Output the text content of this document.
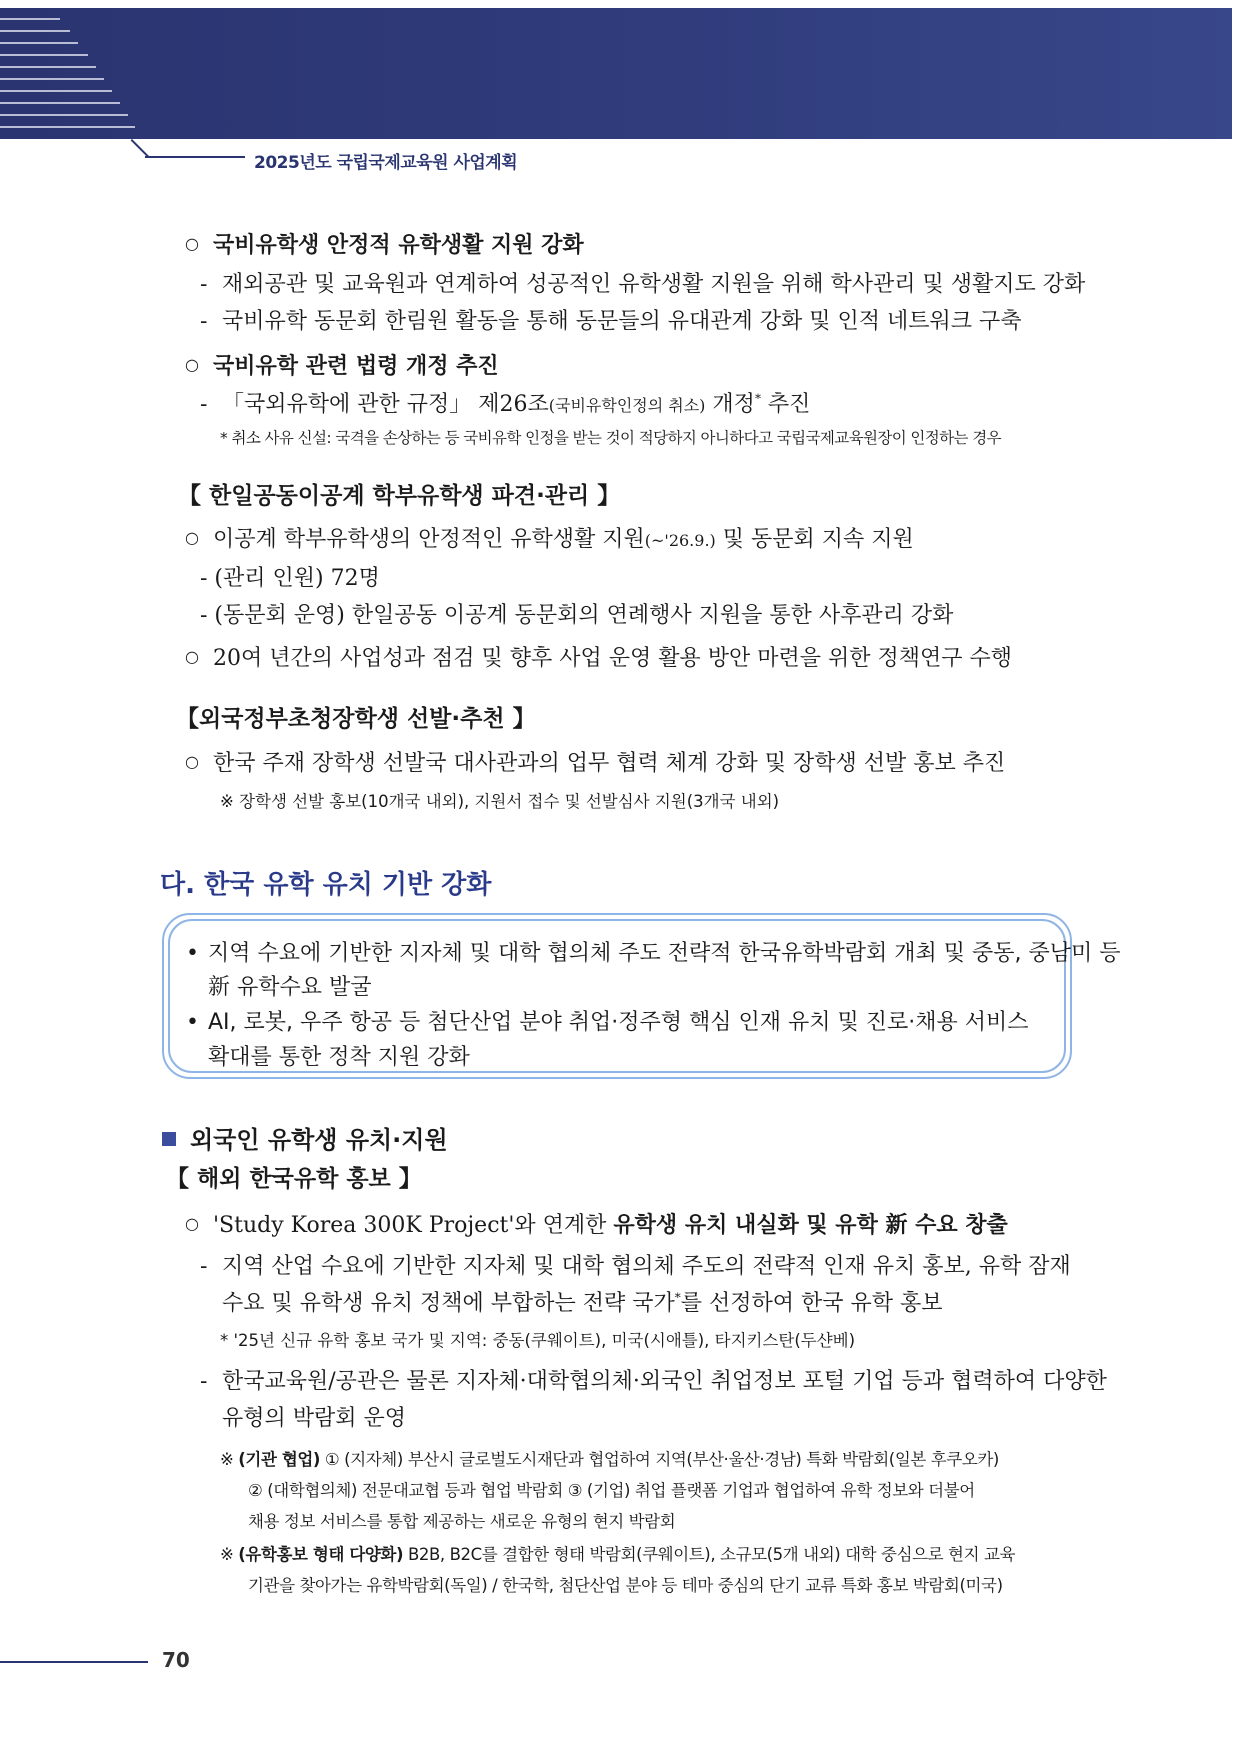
2025년도 국립국제교육원 사업계획
○ 국비유학생 안정적 유학생활 지원 강화
- 재외공관 및 교육원과 연계하여 성공적인 유학생활 지원을 위해 학사관리 및 생활지도 강화
- 국비유학 동문회 한림원 활동을 통해 동문들의 유대관계 강화 및 인적 네트워크 구축
○ 국비유학 관련 법령 개정 추진
- 「국외유학에 관한 규정」 제26조(국비유학인정의 취소) 개정* 추진
* 취소 사유 신설: 국격을 손상하는 등 국비유학 인정을 받는 것이 적당하지 아니하다고 국립국제교육원장이 인정하는 경우
【 한일공동이공계 학부유학생 파견·관리 】
○ 이공계 학부유학생의 안정적인 유학생활 지원(~'26.9.) 및 동문회 지속 지원
- (관리 인원) 72명
- (동문회 운영) 한일공동 이공계 동문회의 연례행사 지원을 통한 사후관리 강화
○ 20여 년간의 사업성과 점검 및 향후 사업 운영 활용 방안 마련을 위한 정책연구 수행
【외국정부초청장학생 선발·추천 】
○ 한국 주재 장학생 선발국 대사관과의 업무 협력 체계 강화 및 장학생 선발 홍보 추진
※ 장학생 선발 홍보(10개국 내외), 지원서 접수 및 선발심사 지원(3개국 내외)
다. 한국 유학 유치 기반 강화
• 지역 수요에 기반한 지자체 및 대학 협의체 주도 전략적 한국유학박람회 개최 및 중동, 중남미 등
新 유학수요 발굴
• AI, 로봇, 우주 항공 등 첨단산업 분야 취업·정주형 핵심 인재 유치 및 진로·채용 서비스
확대를 통한 정착 지원 강화
외국인 유학생 유치·지원
【 해외 한국유학 홍보 】
○ 'Study Korea 300K Project'와 연계한 유학생 유치 내실화 및 유학 新 수요 창출
- 지역 산업 수요에 기반한 지자체 및 대학 협의체 주도의 전략적 인재 유치 홍보, 유학 잠재
수요 및 유학생 유치 정책에 부합하는 전략 국가*를 선정하여 한국 유학 홍보
* '25년 신규 유학 홍보 국가 및 지역: 중동(쿠웨이트), 미국(시애틀), 타지키스탄(두샨베)
- 한국교육원/공관은 물론 지자체·대학협의체·외국인 취업정보 포털 기업 등과 협력하여 다양한
유형의 박람회 운영
※ (기관 협업) ① (지자체) 부산시 글로벌도시재단과 협업하여 지역(부산·울산·경남) 특화 박람회(일본 후쿠오카)
② (대학협의체) 전문대교협 등과 협업 박람회 ③ (기업) 취업 플랫폼 기업과 협업하여 유학 정보와 더불어
채용 정보 서비스를 통합 제공하는 새로운 유형의 현지 박람회
※ (유학홍보 형태 다양화) B2B, B2C를 결합한 형태 박람회(쿠웨이트), 소규모(5개 내외) 대학 중심으로 현지 교육
기관을 찾아가는 유학박람회(독일) / 한국학, 첨단산업 분야 등 테마 중심의 단기 교류 특화 홍보 박람회(미국)
70
